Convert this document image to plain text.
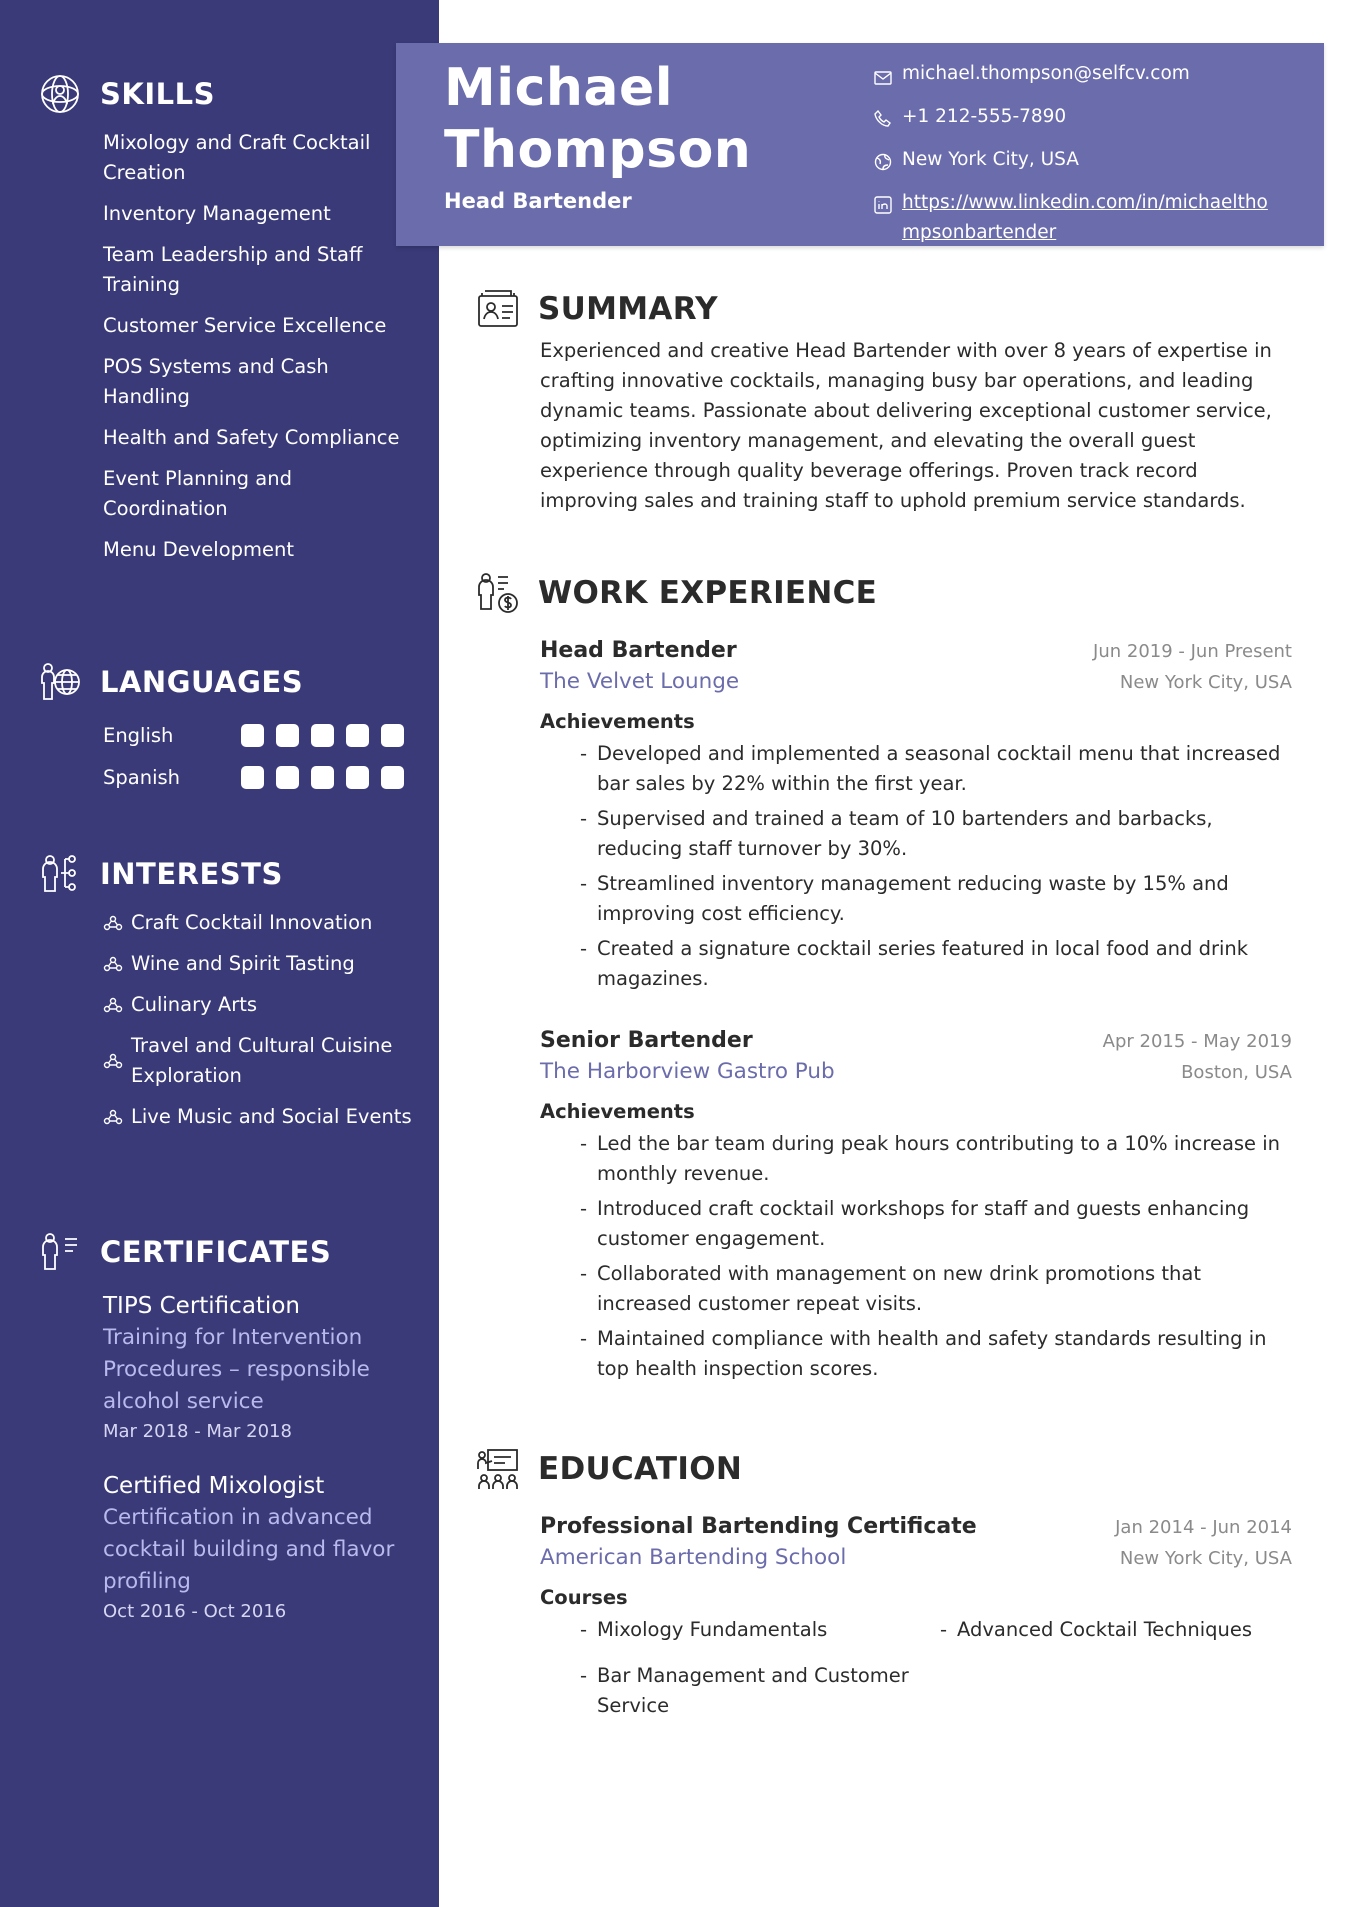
SKILLS
Mixology and Craft Cocktail Creation
Inventory Management
Team Leadership and Staff Training
Customer Service Excellence
POS Systems and Cash Handling
Health and Safety Compliance
Event Planning and Coordination
Menu Development
LANGUAGES
English
Spanish
INTERESTS
Craft Cocktail Innovation
Wine and Spirit Tasting
Culinary Arts
Travel and Cultural Cuisine Exploration
Live Music and Social Events
CERTIFICATES
TIPS Certification
Training for Intervention Procedures – responsible alcohol service
Mar 2018 - Mar 2018
Certified Mixologist
Certification in advanced cocktail building and flavor profiling
Oct 2016 - Oct 2016
Michael
Thompson
Head Bartender
michael.thompson@selfcv.com
+1 212-555-7890
New York City, USA
https://www.linkedin.com/in/michaelthompsonbartender
SUMMARY
Experienced and creative Head Bartender with over 8 years of expertise in crafting innovative cocktails, managing busy bar operations, and leading dynamic teams. Passionate about delivering exceptional customer service, optimizing inventory management, and elevating the overall guest experience through quality beverage offerings. Proven track record improving sales and training staff to uphold premium service standards.
WORK EXPERIENCE
Head Bartender	Jun 2019 - Jun Present
The Velvet Lounge	New York City, USA
Achievements
- Developed and implemented a seasonal cocktail menu that increased bar sales by 22% within the first year.
- Supervised and trained a team of 10 bartenders and barbacks, reducing staff turnover by 30%.
- Streamlined inventory management reducing waste by 15% and improving cost efficiency.
- Created a signature cocktail series featured in local food and drink magazines.
Senior Bartender	Apr 2015 - May 2019
The Harborview Gastro Pub	Boston, USA
Achievements
- Led the bar team during peak hours contributing to a 10% increase in monthly revenue.
- Introduced craft cocktail workshops for staff and guests enhancing customer engagement.
- Collaborated with management on new drink promotions that increased customer repeat visits.
- Maintained compliance with health and safety standards resulting in top health inspection scores.
EDUCATION
Professional Bartending Certificate	Jan 2014 - Jun 2014
American Bartending School	New York City, USA
Courses
- Mixology Fundamentals
-	Advanced Cocktail Techniques
- Bar Management and Customer Service
